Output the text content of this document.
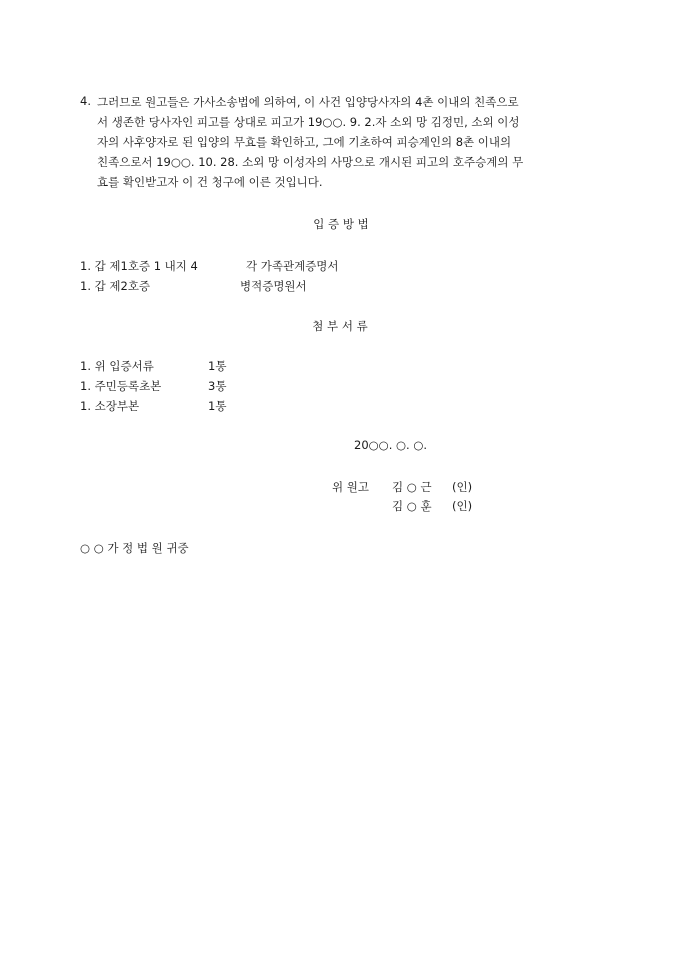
4. 그러므로 원고들은 가사소송법에 의하여, 이 사건 입양당사자의 4촌 이내의 친족으로
서 생존한 당사자인 피고를 상대로 피고가 19○○. 9. 2.자 소외 망 김정민, 소외 이성
자의 사후양자로 된 입양의 무효를 확인하고, 그에 기초하여 피승계인의 8촌 이내의
친족으로서 19○○. 10. 28. 소외 망 이성자의 사망으로 개시된 피고의 호주승계의 무
효를 확인받고자 이 건 청구에 이른 것입니다.
입 증 방 법
1. 갑 제1호증 1 내지 4	각 가족관계증명서
1. 갑 제2호증	병적증명원서
첨 부 서 류
1. 위 입증서류	1통
1. 주민등록초본	3통
1. 소장부본	1통
20○○. ○. ○.
위 원고 김 ○ 근 (인)
김 ○ 훈 (인)
○ ○ 가 정 법 원 귀중
